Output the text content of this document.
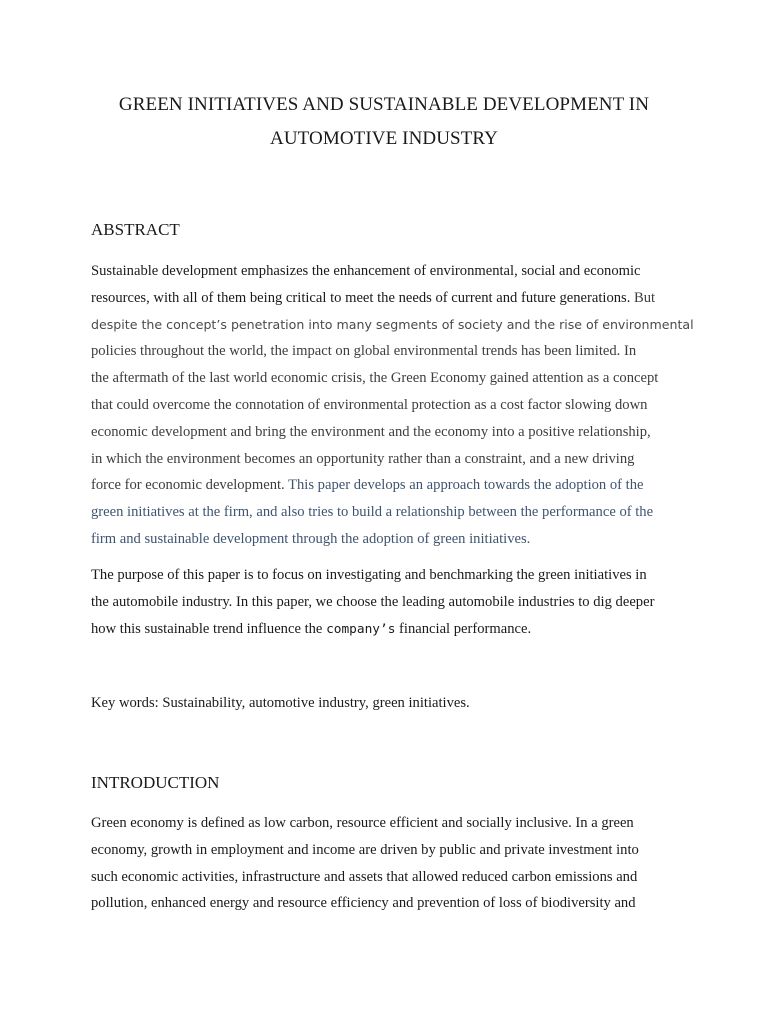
GREEN INITIATIVES AND SUSTAINABLE DEVELOPMENT IN
AUTOMOTIVE INDUSTRY
ABSTRACT
Sustainable development emphasizes the enhancement of environmental, social and economic
resources, with all of them being critical to meet the needs of current and future generations. But
despite the concept’s penetration into many segments of society and the rise of environmental
policies throughout the world, the impact on global environmental trends has been limited. In
the aftermath of the last world economic crisis, the Green Economy gained attention as a concept
that could overcome the connotation of environmental protection as a cost factor slowing down
economic development and bring the environment and the economy into a positive relationship,
in which the environment becomes an opportunity rather than a constraint, and a new driving
force for economic development. This paper develops an approach towards the adoption of the
green initiatives at the firm, and also tries to build a relationship between the performance of the
firm and sustainable development through the adoption of green initiatives.
The purpose of this paper is to focus on investigating and benchmarking the green initiatives in
the automobile industry. In this paper, we choose the leading automobile industries to dig deeper
how this sustainable trend influence the company’s financial performance.
Key words: Sustainability, automotive industry, green initiatives.
INTRODUCTION
Green economy is defined as low carbon, resource efficient and socially inclusive. In a green
economy, growth in employment and income are driven by public and private investment into
such economic activities, infrastructure and assets that allowed reduced carbon emissions and
pollution, enhanced energy and resource efficiency and prevention of loss of biodiversity and
